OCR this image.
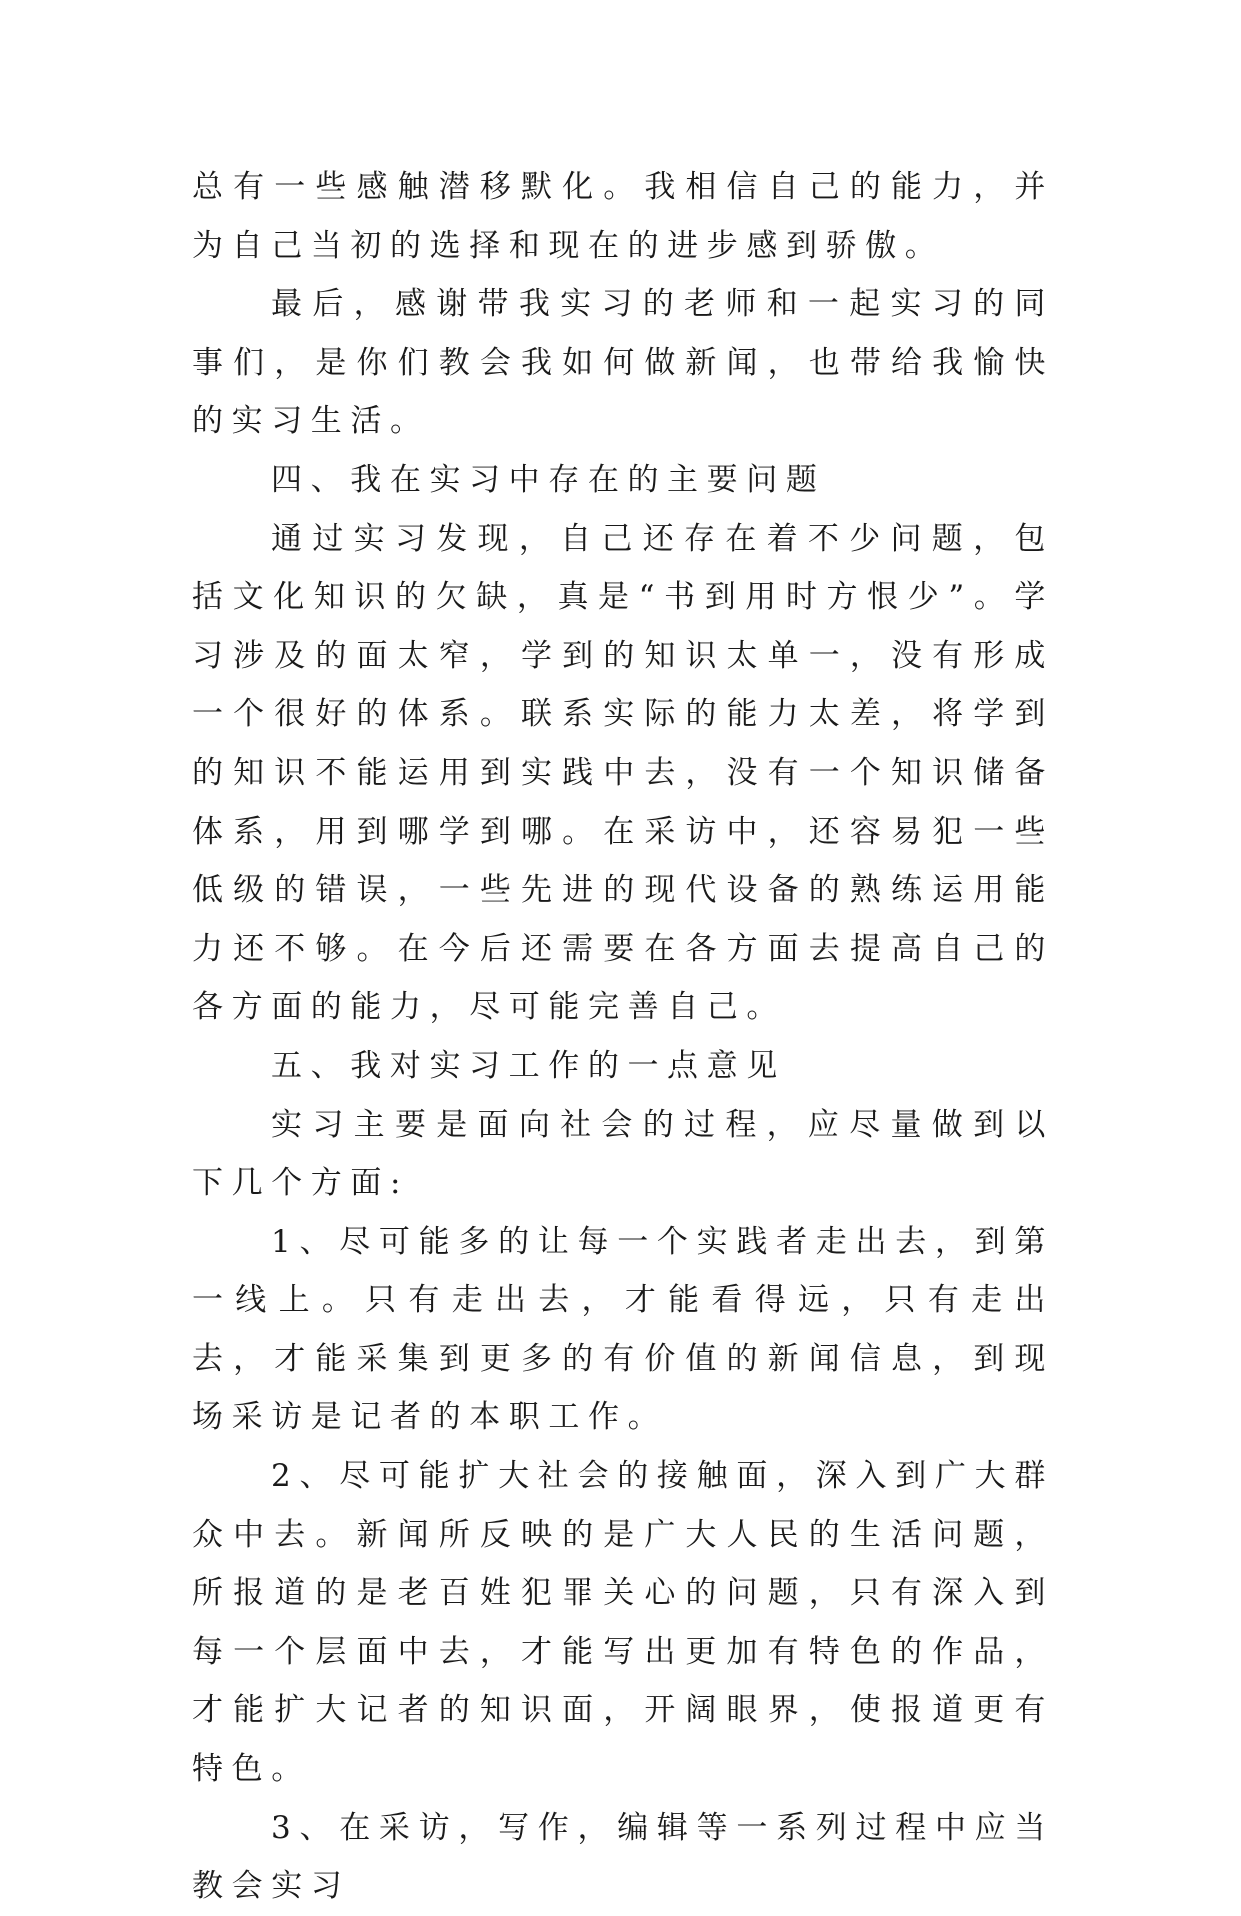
总有一些感触潜移默化。我相信自己的能力，并为自己当初的选择和现在的进步感到骄傲。

最后，感谢带我实习的老师和一起实习的同事们，是你们教会我如何做新闻，也带给我愉快的实习生活。

四、我在实习中存在的主要问题

通过实习发现，自己还存在着不少问题，包括文化知识的欠缺，真是“书到用时方恨少”。学习涉及的面太窄，学到的知识太单一，没有形成一个很好的体系。联系实际的能力太差，将学到的知识不能运用到实践中去，没有一个知识储备体系，用到哪学到哪。在采访中，还容易犯一些低级的错误，一些先进的现代设备的熟练运用能力还不够。在今后还需要在各方面去提高自己的各方面的能力，尽可能完善自己。

五、我对实习工作的一点意见

实习主要是面向社会的过程，应尽量做到以下几个方面:

1、尽可能多的让每一个实践者走出去，到第一线上。只有走出去，才能看得远，只有走出去，才能采集到更多的有价值的新闻信息，到现场采访是记者的本职工作。

2、尽可能扩大社会的接触面，深入到广大群众中去。新闻所反映的是广大人民的生活问题，所报道的是老百姓犯罪关心的问题，只有深入到每一个层面中去，才能写出更加有特色的作品，才能扩大记者的知识面，开阔眼界，使报道更有特色。

3、在采访，写作，编辑等一系列过程中应当教会实习
